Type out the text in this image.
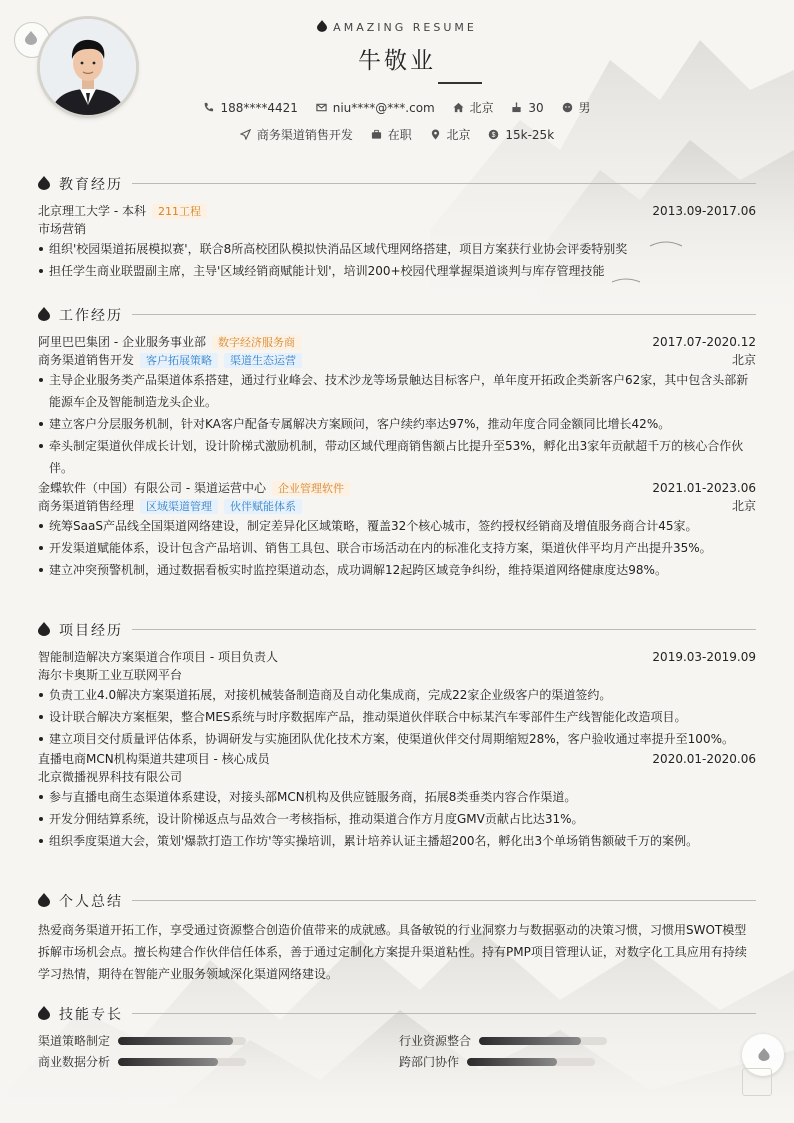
AMAZING RESUME
牛敬业
188****4421	niu****@***.com	北京	30	男
商务渠道销售开发	在职	北京	$ 15k-25k
教育经历
北京理工大学 - 本科 211工程	2013.09-2017.06
市场营销
组织'校园渠道拓展模拟赛'，联合8所高校团队模拟快消品区域代理网络搭建，项目方案获行业协会评委特别奖
担任学生商业联盟副主席，主导'区域经销商赋能计划'，培训200+校园代理掌握渠道谈判与库存管理技能
工作经历
阿里巴巴集团 - 企业服务事业部 数字经济服务商	2017.07-2020.12
商务渠道销售开发 客户拓展策略 渠道生态运营	北京
主导企业服务类产品渠道体系搭建，通过行业峰会、技术沙龙等场景触达目标客户，单年度开拓政企类新客户62家，其中包含头部新能源车企及智能制造龙头企业。
建立客户分层服务机制，针对KA客户配备专属解决方案顾问，客户续约率达97%，推动年度合同金额同比增长42%。
牵头制定渠道伙伴成长计划，设计阶梯式激励机制，带动区域代理商销售额占比提升至53%，孵化出3家年贡献超千万的核心合作伙伴。
金蝶软件（中国）有限公司 - 渠道运营中心 企业管理软件	2021.01-2023.06
商务渠道销售经理 区域渠道管理 伙伴赋能体系	北京
统筹SaaS产品线全国渠道网络建设，制定差异化区域策略，覆盖32个核心城市，签约授权经销商及增值服务商合计45家。
开发渠道赋能体系，设计包含产品培训、销售工具包、联合市场活动在内的标准化支持方案，渠道伙伴平均月产出提升35%。
建立冲突预警机制，通过数据看板实时监控渠道动态，成功调解12起跨区域竞争纠纷，维持渠道网络健康度达98%。
项目经历
智能制造解决方案渠道合作项目 - 项目负责人	2019.03-2019.09
海尔卡奥斯工业互联网平台
负责工业4.0解决方案渠道拓展，对接机械装备制造商及自动化集成商，完成22家企业级客户的渠道签约。
设计联合解决方案框架，整合MES系统与时序数据库产品，推动渠道伙伴联合中标某汽车零部件生产线智能化改造项目。
建立项目交付质量评估体系，协调研发与实施团队优化技术方案，使渠道伙伴交付周期缩短28%，客户验收通过率提升至100%。
直播电商MCN机构渠道共建项目 - 核心成员	2020.01-2020.06
北京微播视界科技有限公司
参与直播电商生态渠道体系建设，对接头部MCN机构及供应链服务商，拓展8类垂类内容合作渠道。
开发分佣结算系统，设计阶梯返点与品效合一考核指标，推动渠道合作方月度GMV贡献占比达31%。
组织季度渠道大会，策划'爆款打造工作坊'等实操培训，累计培养认证主播超200名，孵化出3个单场销售额破千万的案例。
个人总结

热爱商务渠道开拓工作，享受通过资源整合创造价值带来的成就感。具备敏锐的行业洞察力与数据驱动的决策习惯，习惯用SWOT模型拆解市场机会点。擅长构建合作伙伴信任体系，善于通过定制化方案提升渠道粘性。持有PMP项目管理认证，对数字化工具应用有持续学习热情，期待在智能产业服务领域深化渠道网络建设。

技能专长
渠道策略制定	行业资源整合
商业数据分析	跨部门协作
